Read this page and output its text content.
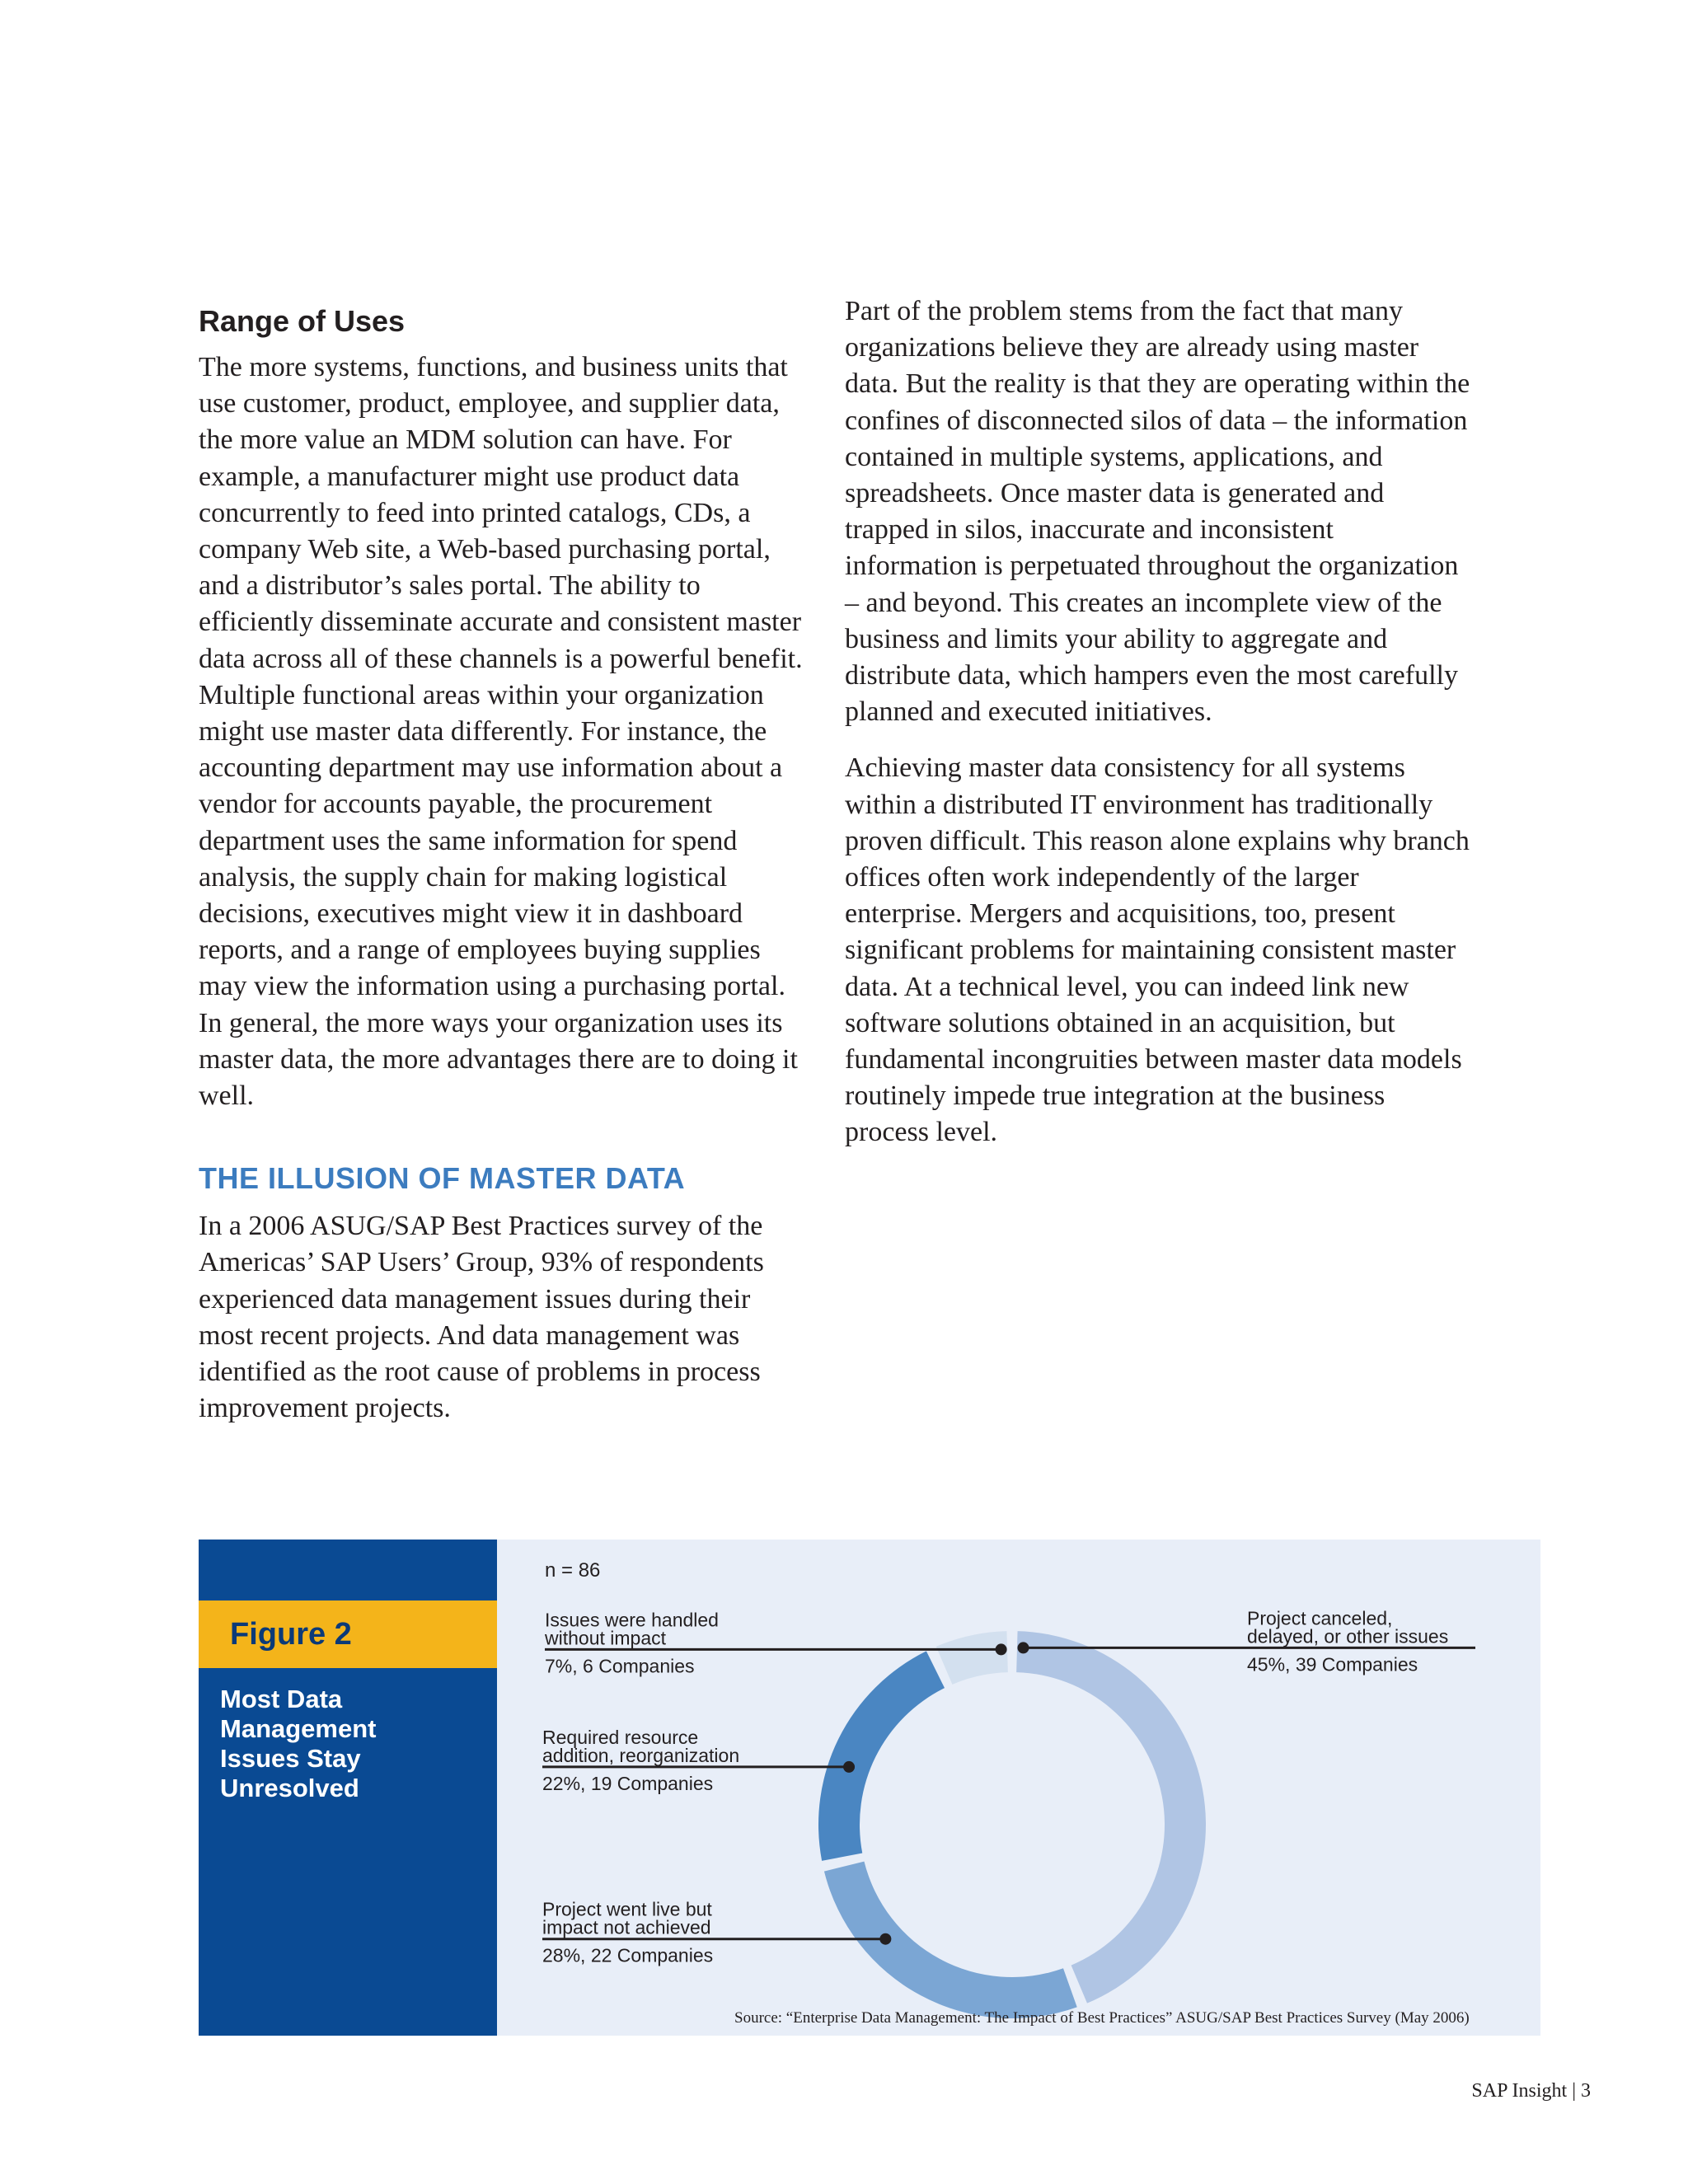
Range of Uses

The more systems, functions, and business units that use customer, product, employee, and supplier data, the more value an MDM solution can have. For example, a manufacturer might use product data concurrently to feed into printed catalogs, CDs, a company Web site, a Web-based purchasing portal, and a distributor’s sales portal. The ability to efficiently disseminate accurate and consistent master data across all of these channels is a powerful benefit. Multiple functional areas within your organization might use master data differently. For instance, the accounting department may use information about a vendor for accounts payable, the procurement department uses the same information for spend analysis, the supply chain for making logistical decisions, executives might view it in dashboard reports, and a range of employees buying supplies may view the information using a purchasing portal. In general, the more ways your organization uses its master data, the more advantages there are to doing it well.

THE ILLUSION OF MASTER DATA

In a 2006 ASUG/SAP Best Practices survey of the Americas’ SAP Users’ Group, 93% of respondents experienced data management issues during their most recent projects. And data management was identified as the root cause of problems in process improvement projects.

Part of the problem stems from the fact that many organizations believe they are already using master data. But the reality is that they are operating within the confines of disconnected silos of data – the information contained in multiple systems, applications, and spreadsheets. Once master data is generated and trapped in silos, inaccurate and inconsistent information is perpetuated throughout the organization – and beyond. This creates an incomplete view of the business and limits your ability to aggregate and distribute data, which hampers even the most carefully planned and executed initiatives.

Achieving master data consistency for all systems within a distributed IT environment has traditionally proven difficult. This reason alone explains why branch offices often work independently of the larger enterprise. Mergers and acquisitions, too, present significant problems for maintaining consistent master data. At a technical level, you can indeed link new software solutions obtained in an acquisition, but fundamental incongruities between master data models routinely impede true integration at the business process level.

Figure 2
Most Data
Management
Issues Stay
Unresolved
n = 86
Project canceled,
delayed, or other issues
45%, 39 Companies
Project went live but
impact not achieved
28%, 22 Companies
Required resource
addition, reorganization
22%, 19 Companies
Issues were handled
without impact
7%, 6 Companies
Source: “Enterprise Data Management: The Impact of Best Practices” ASUG/SAP Best Practices Survey (May 2006)
SAP Insight | 3
